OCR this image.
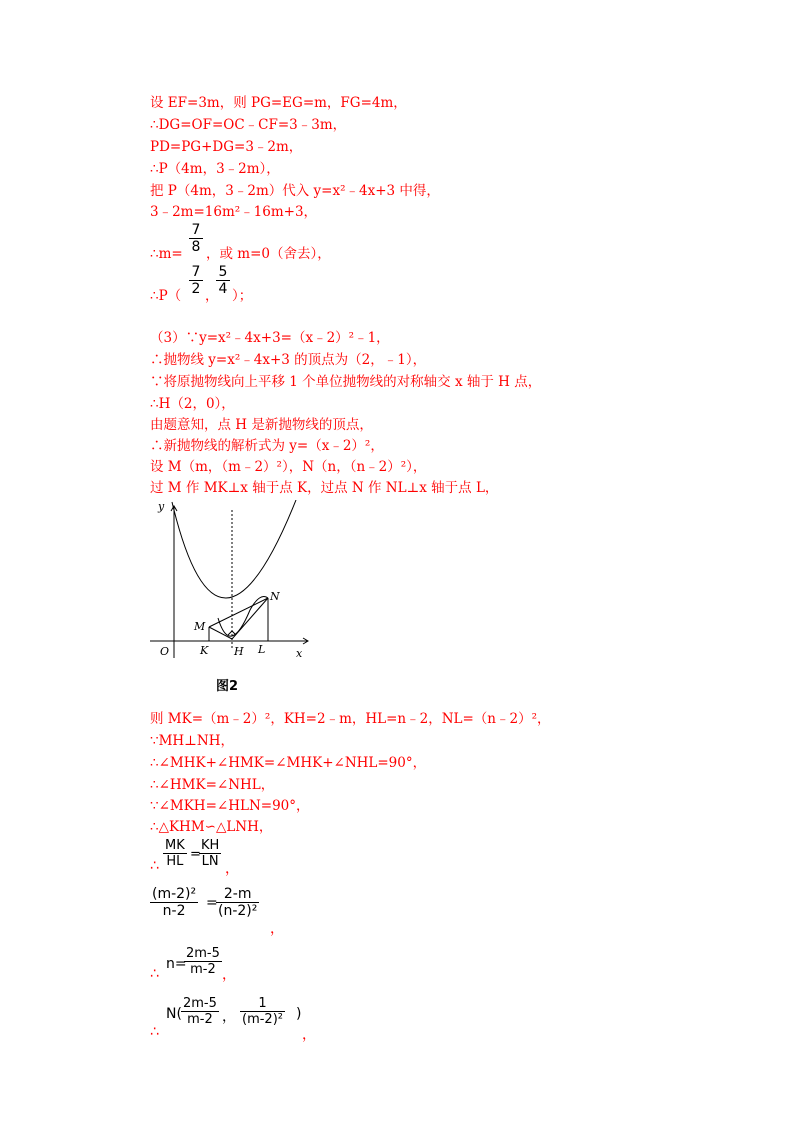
设 EF=3m，则 PG=EG=m，FG=4m，
∴DG=OF=OC﹣CF=3﹣3m，
PD=PG+DG=3﹣2m，
∴P（4m，3﹣2m），
把 P（4m，3﹣2m）代入 y=x²﹣4x+3 中得，
3﹣2m=16m²﹣16m+3，
∴m=
7
8 ，或 m=0（舍去），
∴P（
7
2 ，
5
4 ）；
（3）∵y=x²﹣4x+3=（x﹣2）²﹣1，
∴抛物线 y=x²﹣4x+3 的顶点为（2，﹣1），
∵将原抛物线向上平移 1 个单位抛物线的对称轴交 x 轴于 H 点，
∴H（2，0），
由题意知，点 H 是新抛物线的顶点，
∴新抛物线的解析式为 y=（x﹣2）²，
设 M（m，（m﹣2）²），N（n，（n﹣2）²），
过 M 作 MK⊥x 轴于点 K，过点 N 作 NL⊥x 轴于点 L，
y
x
O	K H L
M
N
图2
则 MK=（m﹣2）²，KH=2﹣m，HL=n﹣2，NL=（n﹣2）²，
∵MH⊥NH，
∴∠MHK+∠HMK=∠MHK+∠NHL=90°，
∴∠HMK=∠NHL，
∵∠MKH=∠HLN=90°，
∴△KHM∽△LNH，
∴
MK
HL =
KH
LN ，
(m-2)²
n-2	=
2-m
(n-2)²
，
∴
n=
2m-5
m-2 ，
∴
N(
2m-5
m-2 ，
1
(m-2)² )
，
